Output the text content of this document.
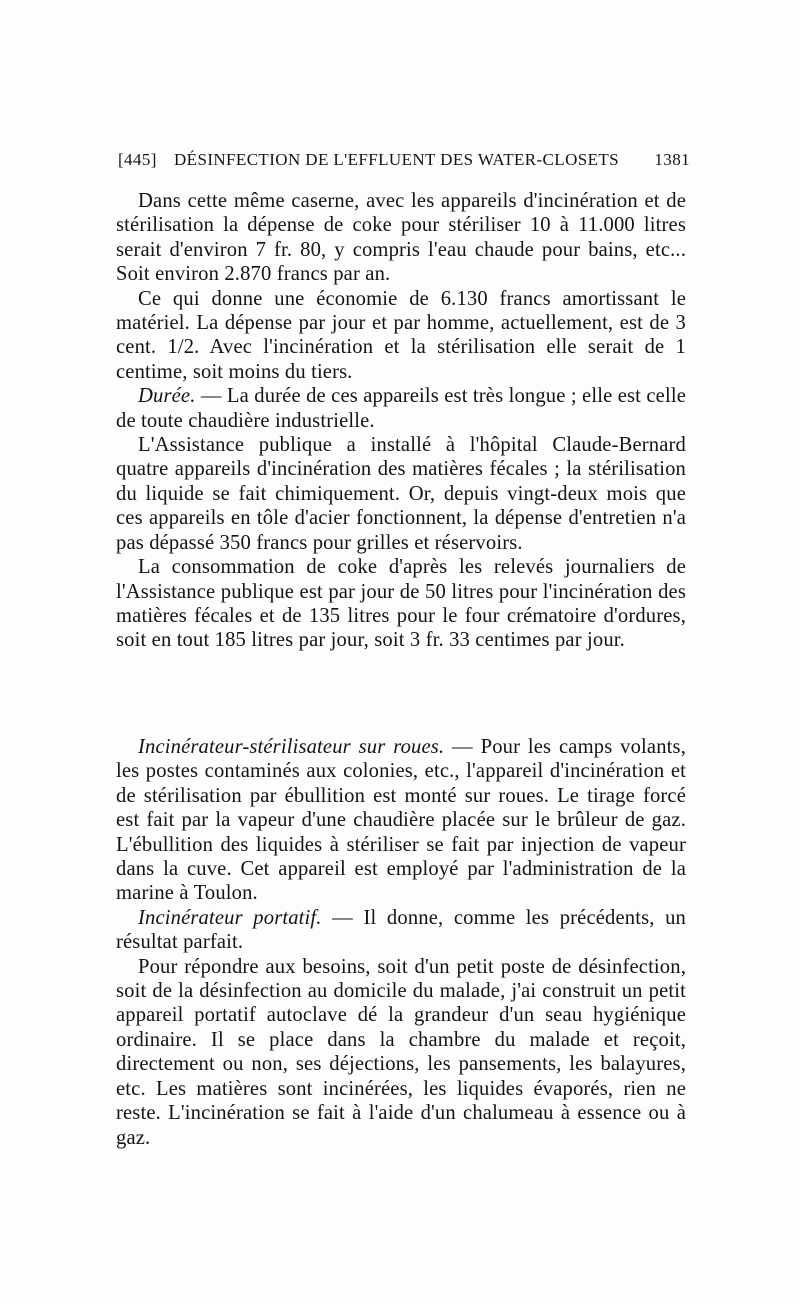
[445] DÉSINFECTION DE L'EFFLUENT DES WATER-CLOSETS 1381

Dans cette même caserne, avec les appareils d'incinération et de stérilisation la dépense de coke pour stériliser 10 à 11.000 litres serait d'environ 7 fr. 80, y compris l'eau chaude pour bains, etc... Soit environ 2.870 francs par an.

Ce qui donne une économie de 6.130 francs amortissant le matériel. La dépense par jour et par homme, actuellement, est de 3 cent. 1/2. Avec l'incinération et la stérilisation elle serait de 1 centime, soit moins du tiers.

Durée. — La durée de ces appareils est très longue ; elle est celle de toute chaudière industrielle.

L'Assistance publique a installé à l'hôpital Claude-Bernard quatre appareils d'incinération des matières fécales ; la stérilisation du liquide se fait chimiquement. Or, depuis vingt-deux mois que ces appareils en tôle d'acier fonctionnent, la dépense d'entretien n'a pas dépassé 350 francs pour grilles et réservoirs.

La consommation de coke d'après les relevés journaliers de l'Assistance publique est par jour de 50 litres pour l'incinération des matières fécales et de 135 litres pour le four crématoire d'ordures, soit en tout 185 litres par jour, soit 3 fr. 33 centimes par jour.

Incinérateur-stérilisateur sur roues. — Pour les camps volants, les postes contaminés aux colonies, etc., l'appareil d'incinération et de stérilisation par ébullition est monté sur roues. Le tirage forcé est fait par la vapeur d'une chaudière placée sur le brûleur de gaz. L'ébullition des liquides à stériliser se fait par injection de vapeur dans la cuve. Cet appareil est employé par l'administration de la marine à Toulon.

Incinérateur portatif. — Il donne, comme les précédents, un résultat parfait.

Pour répondre aux besoins, soit d'un petit poste de désinfection, soit de la désinfection au domicile du malade, j'ai construit un petit appareil portatif autoclave dé la grandeur d'un seau hygiénique ordinaire. Il se place dans la chambre du malade et reçoit, directement ou non, ses déjections, les pansements, les balayures, etc. Les matières sont incinérées, les liquides évaporés, rien ne reste. L'incinération se fait à l'aide d'un chalumeau à essence ou à gaz.
